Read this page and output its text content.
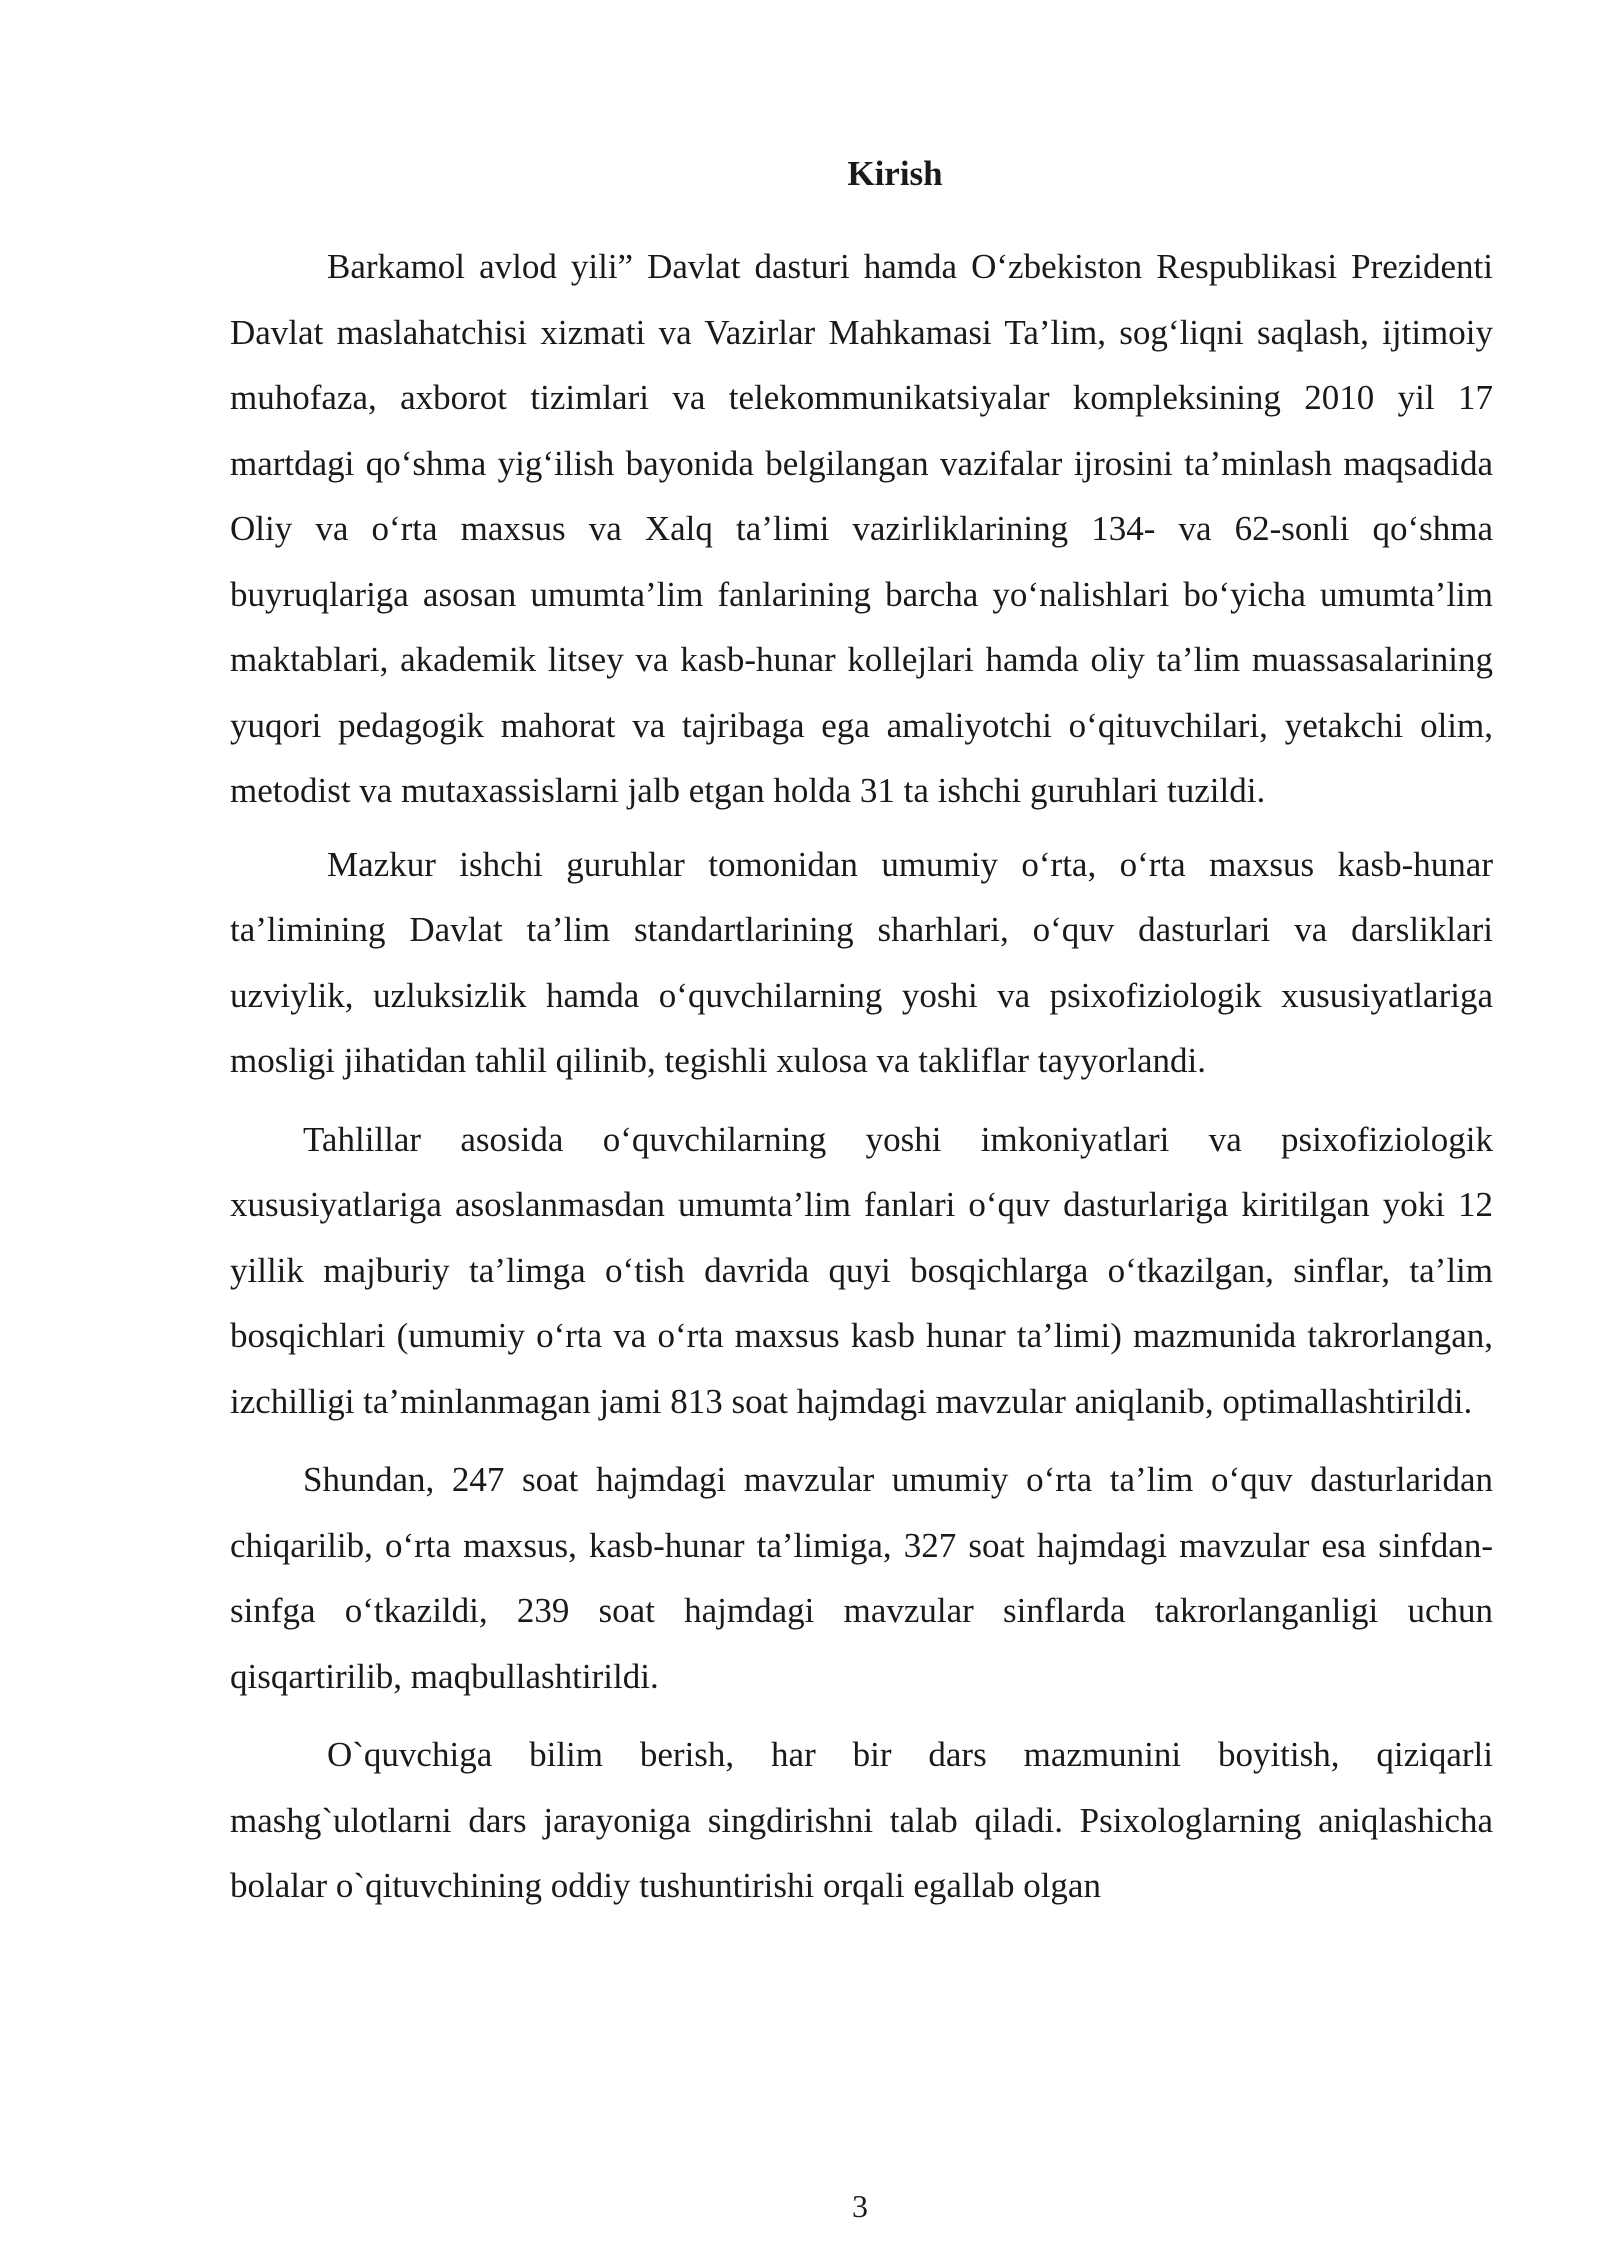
Kirish

Barkamol avlod yili” Davlat dasturi hamda O‘zbekiston Respublikasi Prezidenti Davlat maslahatchisi xizmati va Vazirlar Mahkamasi Ta’lim, sog‘liqni saqlash, ijtimoiy muhofaza, axborot tizimlari va telekommunikatsiyalar kompleksining 2010 yil 17 martdagi qo‘shma yig‘ilish bayonida belgilangan vazifalar ijrosini ta’minlash maqsadida Oliy va o‘rta maxsus va Xalq ta’limi vazirliklarining 134- va 62-sonli qo‘shma buyruqlariga asosan umumta’lim fanlarining barcha yo‘nalishlari bo‘yicha umumta’lim maktablari, akademik litsey va kasb-hunar kollejlari hamda oliy ta’lim muassasalarining yuqori pedagogik mahorat va tajribaga ega amaliyotchi o‘qituvchilari, yetakchi olim, metodist va mutaxassislarni jalb etgan holda 31 ta ishchi guruhlari tuzildi.

Mazkur ishchi guruhlar tomonidan umumiy o‘rta, o‘rta maxsus kasb-hunar ta’limining Davlat ta’lim standartlarining sharhlari, o‘quv dasturlari va darsliklari uzviylik, uzluksizlik hamda o‘quvchilarning yoshi va psixofiziologik xususiyatlariga mosligi jihatidan tahlil qilinib, tegishli xulosa va takliflar tayyorlandi.

Tahlillar asosida o‘quvchilarning yoshi imkoniyatlari va psixofiziologik xususiyatlariga asoslanmasdan umumta’lim fanlari o‘quv dasturlariga kiritilgan yoki 12 yillik majburiy ta’limga o‘tish davrida quyi bosqichlarga o‘tkazilgan, sinflar, ta’lim bosqichlari (umumiy o‘rta va o‘rta maxsus kasb hunar ta’limi) mazmunida takrorlangan, izchilligi ta’minlanmagan jami 813 soat hajmdagi mavzular aniqlanib, optimallashtirildi.

Shundan, 247 soat hajmdagi mavzular umumiy o‘rta ta’lim o‘quv dasturlaridan chiqarilib, o‘rta maxsus, kasb-hunar ta’limiga, 327 soat hajmdagi mavzular esa sinfdan-sinfga o‘tkazildi, 239 soat hajmdagi mavzular sinflarda takrorlanganligi uchun qisqartirilib, maqbullashtirildi.

O`quvchiga bilim berish, har bir dars mazmunini boyitish, qiziqarli mashg`ulotlarni dars jarayoniga singdirishni talab qiladi. Psixologlarning aniqlashicha bolalar o`qituvchining oddiy tushuntirishi orqali egallab olgan

3
